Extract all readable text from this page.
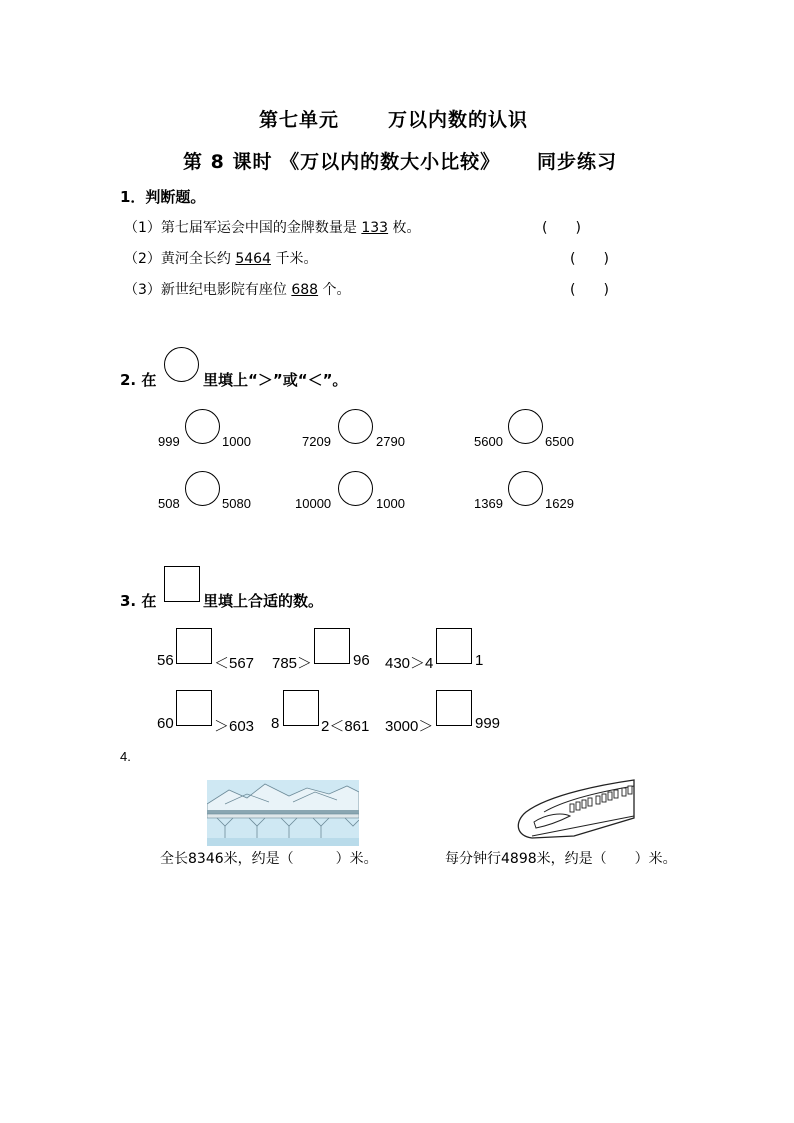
第七单元	万以内数的认识
第 8 课时 《万以内的数大小比较》 同步练习
1．判断题。
（1）第七届军运会中国的金牌数量是 133 枚。	(　　)
（2）黄河全长约 5464 千米。	(　　)
（3）新世纪电影院有座位 688 个。	(　　)
2. 在	里填上“＞”或“＜”。
999	1000	7209	2790	5600	6500
508	5080	10000	1000	1369	1629
3. 在	里填上合适的数。
56	＜567 785＞	96 430＞4	1
60	＞603 8	2＜861 3000＞	999
4.
全长8346米，约是（　　　）米。	每分钟行4898米，约是（　　）米。
